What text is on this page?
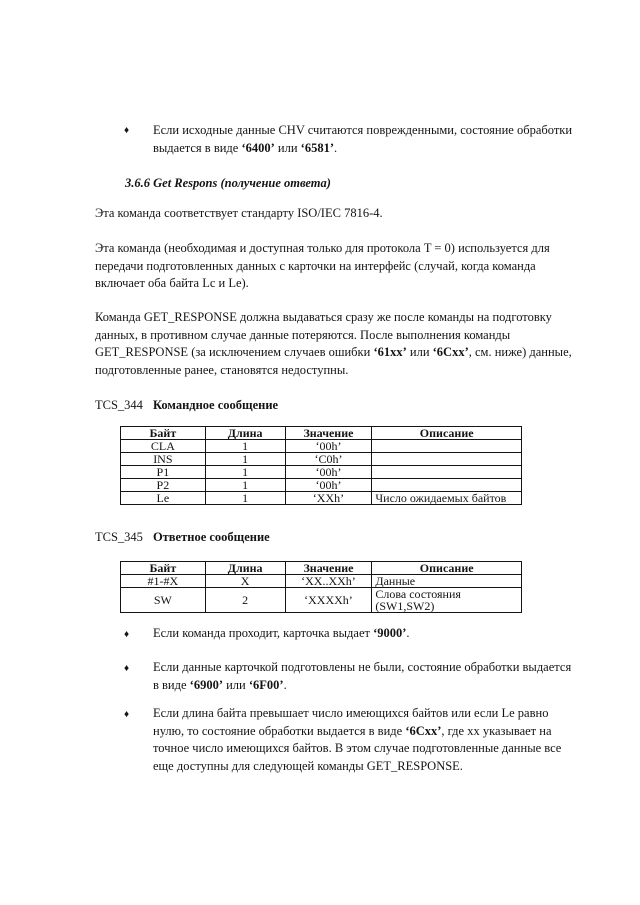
♦ Если исходные данные CHV считаются поврежденными, состояние обработки
выдается в виде ‘6400’ или ‘6581’.
3.6.6 Get Respons (получение ответа)
Эта команда соответствует стандарту ISO/IEC 7816-4.
Эта команда (необходимая и доступная только для протокола T = 0) используется для
передачи подготовленных данных с карточки на интерфейс (случай, когда команда
включает оба байта Lc и Le).
Команда GET_RESPONSE должна выдаваться сразу же после команды на подготовку
данных, в противном случае данные потеряются. После выполнения команды
GET_RESPONSE (за исключением случаев ошибки ‘61xx’ или ‘6Cxx’, см. ниже) данные,
подготовленные ранее, становятся недоступны.
TCS_344 Командное сообщение
Байт	Длина	Значение	Описание
CLA	1	‘00h’	
INS	1	‘C0h’	
P1	1	‘00h’	
P2	1	‘00h’	
Le	1	‘XXh’	Число ожидаемых байтов
TCS_345 Ответное сообщение
Байт	Длина	Значение	Описание
#1-#X	X	‘XX..XXh’	Данные
SW	2	‘XXXXh’	Слова состояния (SW1,SW2)
♦ Если команда проходит, карточка выдает ‘9000’.
♦ Если данные карточкой подготовлены не были, состояние обработки выдается
в виде ‘6900’ или ‘6F00’.
♦ Если длина байта превышает число имеющихся байтов или если Le равно
нулю, то состояние обработки выдается в виде ‘6Cxx’, где xx указывает на
точное число имеющихся байтов. В этом случае подготовленные данные все
еще доступны для следующей команды GET_RESPONSE.
